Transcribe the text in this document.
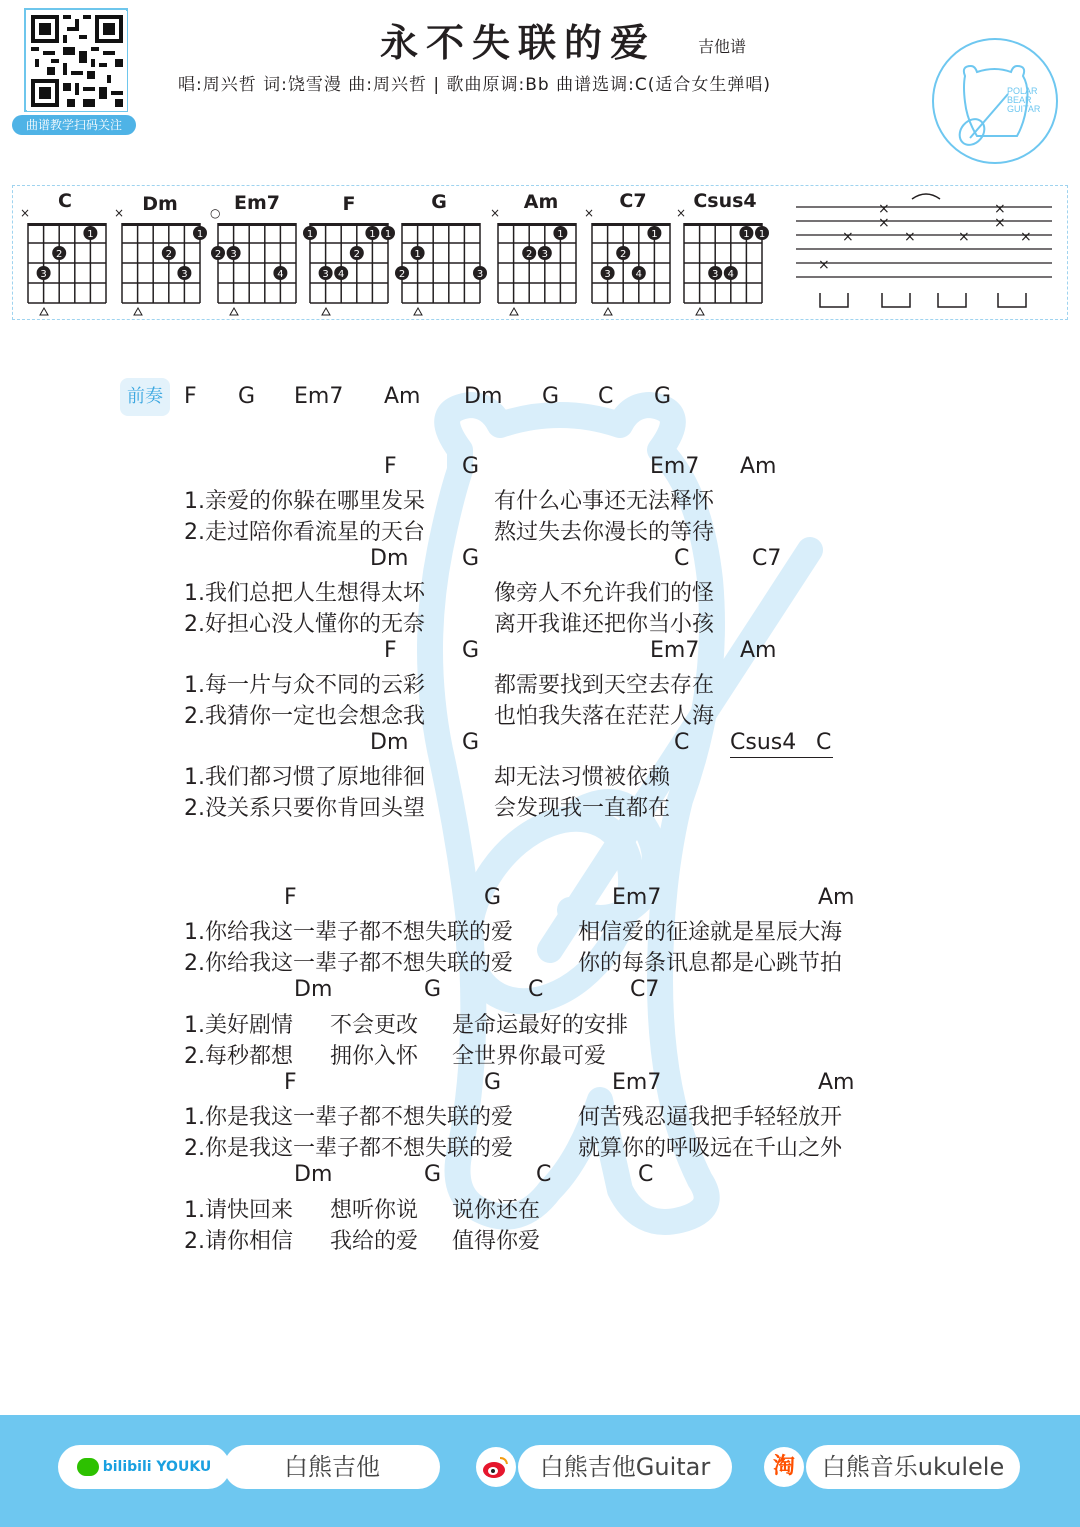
曲谱教学扫码关注
永不失联的爱	吉他谱
唱:周兴哲 词:饶雪漫 曲:周兴哲 | 歌曲原调:Bb 曲谱选调:C(适合女生弹唱)	POLAR
BEAR
GUITAR
×
1
2
3
×
1
2
3
○
2 3
4
1	1 1
2
3 4
1
2	3
×
1
2 3
×
1
2
3 4
×
1 1
3 4
×
×
×
×
×	×
×
×
×
C	Dm	Em7	F	G	Am	C7	Csus4
前奏 F G Em7 Am Dm G C G
F	G	Em7 Am
1.亲爱的你躲在哪里发呆	有什么心事还无法释怀
2.走过陪你看流星的天台	熬过失去你漫长的等待
Dm G	C	C7
1.我们总把人生想得太坏	像旁人不允许我们的怪
2.好担心没人懂你的无奈	离开我谁还把你当小孩
F	G	Em7 Am
1.每一片与众不同的云彩	都需要找到天空去存在
2.我猜你一定也会想念我	也怕我失落在茫茫人海
Dm G	C Csus4 C
1.我们都习惯了原地徘徊	却无法习惯被依赖
2.没关系只要你肯回头望	会发现我一直都在
F	G	Em7	Am
1.你给我这一辈子都不想失联的爱	相信爱的征途就是星辰大海
2.你给我这一辈子都不想失联的爱	你的每条讯息都是心跳节拍
Dm	G	C	C7
1.美好剧情 不会更改 是命运最好的安排
2.每秒都想 拥你入怀 全世界你最可爱
F	G	Em7	Am
1.你是我这一辈子都不想失联的爱	何苦残忍逼我把手轻轻放开
2.你是我这一辈子都不想失联的爱	就算你的呼吸远在千山之外
Dm	G	C	C
1.请快回来 想听你说 说你还在
2.请你相信 我给的爱 值得你爱
bilibili YOUKU	白熊吉他	白熊吉他Guitar	淘	白熊音乐ukulele
